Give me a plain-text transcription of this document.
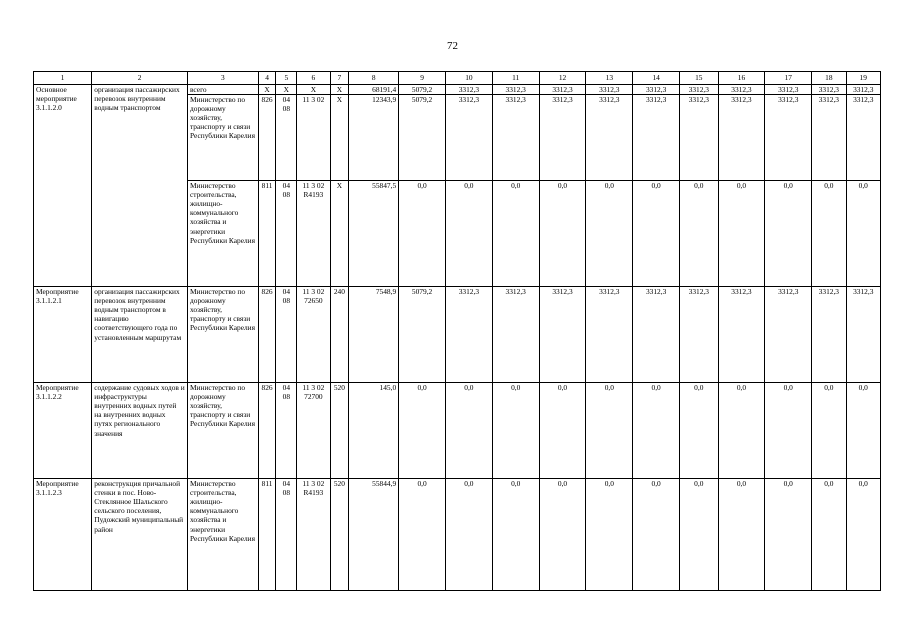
72
1	2	3	4	5	6	7	8	9	10	11	12	13	14	15	16	17	18	19
Основное мероприятие 3.1.1.2.0	организация пассажирских перевозок внутренним водным транспортом	всего	X	X	X	X	68191,4	5079,2	3312,3	3312,3	3312,3	3312,3	3312,3	3312,3	3312,3	3312,3	3312,3	3312,3
		Министерство по дорожному хозяйству, транспорту и связи Республики Карелия	826	04 08	11 3 02	X	12343,9	5079,2	3312,3	3312,3	3312,3	3312,3	3312,3	3312,3	3312,3	3312,3	3312,3	3312,3
		Министерство строительства, жилищно-коммунального хозяйства и энергетики Республики Карелия	811	04 08	11 3 02 R4193	X	55847,5	0,0	0,0	0,0	0,0	0,0	0,0	0,0	0,0	0,0	0,0	0,0
Мероприятие 3.1.1.2.1	организация пассажирских перевозок внутренним водным транспортом в навигацию соответствующего года по установленным маршрутам	Министерство по дорожному хозяйству, транспорту и связи Республики Карелия	826	04 08	11 3 02 72650	240	7548,9	5079,2	3312,3	3312,3	3312,3	3312,3	3312,3	3312,3	3312,3	3312,3	3312,3	3312,3
Мероприятие 3.1.1.2.2	содержание судовых ходов и инфраструктуры внутренних водных путей на внутренних водных путях регионального значения	Министерство по дорожному хозяйству, транспорту и связи Республики Карелия	826	04 08	11 3 02 72700	520	145,0	0,0	0,0	0,0	0,0	0,0	0,0	0,0	0,0	0,0	0,0	0,0
Мероприятие 3.1.1.2.3	реконструкция причальной стенки в пос. Ново-Стеклянное Шальского сельского поселения, Пудожский муниципальный район	Министерство строительства, жилищно-коммунального хозяйства и энергетики Республики Карелия	811	04 08	11 3 02 R4193	520	55844,9	0,0	0,0	0,0	0,0	0,0	0,0	0,0	0,0	0,0	0,0	0,0
